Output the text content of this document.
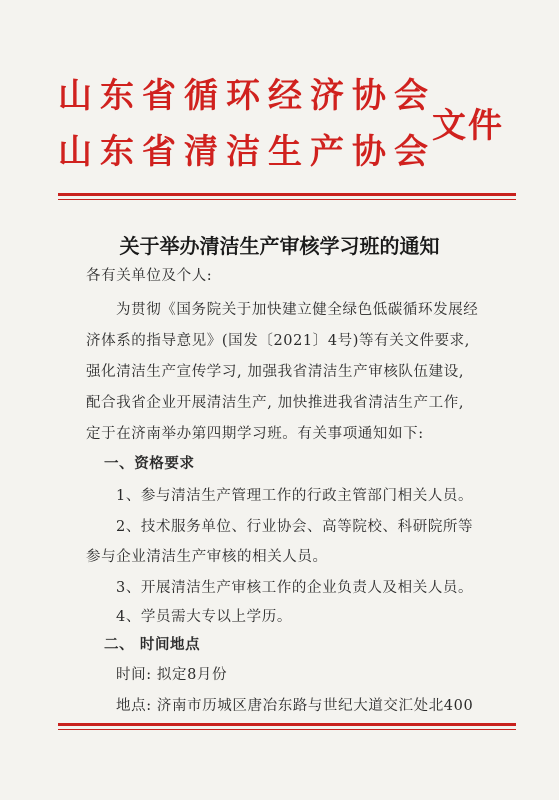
山东省循环经济协会
山东省清洁生产协会
文件
关于举办清洁生产审核学习班的通知
各有关单位及个人:
为贯彻《国务院关于加快建立健全绿色低碳循环发展经
济体系的指导意见》(国发〔2021〕4号)等有关文件要求,
强化清洁生产宣传学习, 加强我省清洁生产审核队伍建设,
配合我省企业开展清洁生产, 加快推进我省清洁生产工作,
定于在济南举办第四期学习班。有关事项通知如下:
一、资格要求
1、参与清洁生产管理工作的行政主管部门相关人员。
2、技术服务单位、行业协会、高等院校、科研院所等
参与企业清洁生产审核的相关人员。
3、开展清洁生产审核工作的企业负责人及相关人员。
4、学员需大专以上学历。
二、 时间地点
时间: 拟定8月份
地点: 济南市历城区唐冶东路与世纪大道交汇处北400
